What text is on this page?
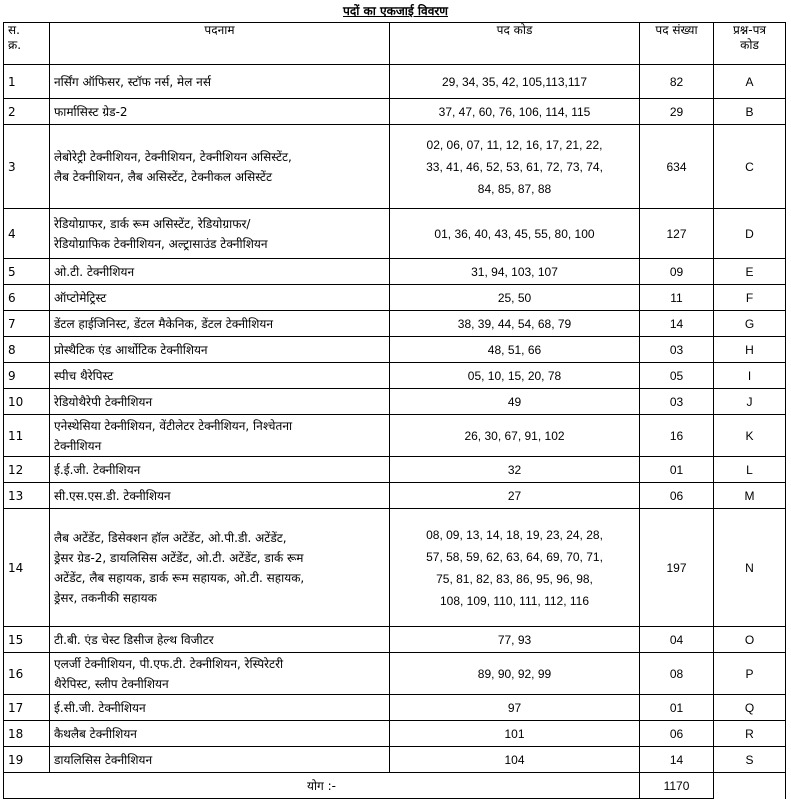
पदों का एकजाई विवरण
स.
क्र.	पदनाम	पद कोड	पद संख्या	प्रश्न-पत्र
कोड
1	नर्सिंग ऑफिसर, स्टॉफ नर्स, मेल नर्स	29, 34, 35, 42, 105,113,117	82	A
2	फार्मासिस्ट ग्रेड-2	37, 47, 60, 76, 106, 114, 115	29	B
3	लेबोरेट्री टेक्नीशियन, टेक्नीशियन, टेक्नीशियन असिस्टेंट,
लैब टेक्नीशियन, लैब असिस्टेंट, टेक्नीकल असिस्टेंट	02, 06, 07, 11, 12, 16, 17, 21, 22,
33, 41, 46, 52, 53, 61, 72, 73, 74,
84, 85, 87, 88	634	C
4	रेडियोग्राफर, डार्क रूम असिस्टेंट, रेडियोग्राफर/
रेडियोग्राफिक टेक्नीशियन, अल्ट्रासाउंड टेक्नीशियन	01, 36, 40, 43, 45, 55, 80, 100	127	D
5	ओ.टी. टेक्नीशियन	31, 94, 103, 107	09	E
6	ऑप्टोमेट्रिस्ट	25, 50	11	F
7	डेंटल हाईजिनिस्ट, डेंटल मैकेनिक, डेंटल टेक्नीशियन	38, 39, 44, 54, 68, 79	14	G
8	प्रोस्थैटिक एंड आर्थोटिक टेक्नीशियन	48, 51, 66	03	H
9	स्पीच थैरेपिस्ट	05, 10, 15, 20, 78	05	I
10	रेडियोथैरेपी टेक्नीशियन	49	03	J
11	एनेस्थेसिया टेक्नीशियन, वेंटीलेटर टेक्नीशियन, निश्चेतना
टेक्नीशियन	26, 30, 67, 91, 102	16	K
12	ई.ई.जी. टेक्नीशियन	32	01	L
13	सी.एस.एस.डी. टेक्नीशियन	27	06	M
14	लैब अटेंडेंट, डिसेक्शन हॉल अटेंडेंट, ओ.पी.डी. अटेंडेंट,
ड्रेसर ग्रेड-2, डायलिसिस अटेंडेंट, ओ.टी. अटेंडेंट, डार्क रूम
अटेंडेंट, लैब सहायक, डार्क रूम सहायक, ओ.टी. सहायक,
ड्रेसर, तकनीकी सहायक	08, 09, 13, 14, 18, 19, 23, 24, 28,
57, 58, 59, 62, 63, 64, 69, 70, 71,
75, 81, 82, 83, 86, 95, 96, 98,
108, 109, 110, 111, 112, 116	197	N
15	टी.बी. एंड चेस्ट डिसीज हेल्थ विजीटर	77, 93	04	O
16	एलर्जी टेक्नीशियन, पी.एफ.टी. टेक्नीशियन, रेस्पिरेटरी
थैरेपिस्ट, स्लीप टेक्नीशियन	89, 90, 92, 99	08	P
17	ई.सी.जी. टेक्नीशियन	97	01	Q
18	कैथलैब टेक्नीशियन	101	06	R
19	डायलिसिस टेक्नीशियन	104	14	S
योग :-			1170	
